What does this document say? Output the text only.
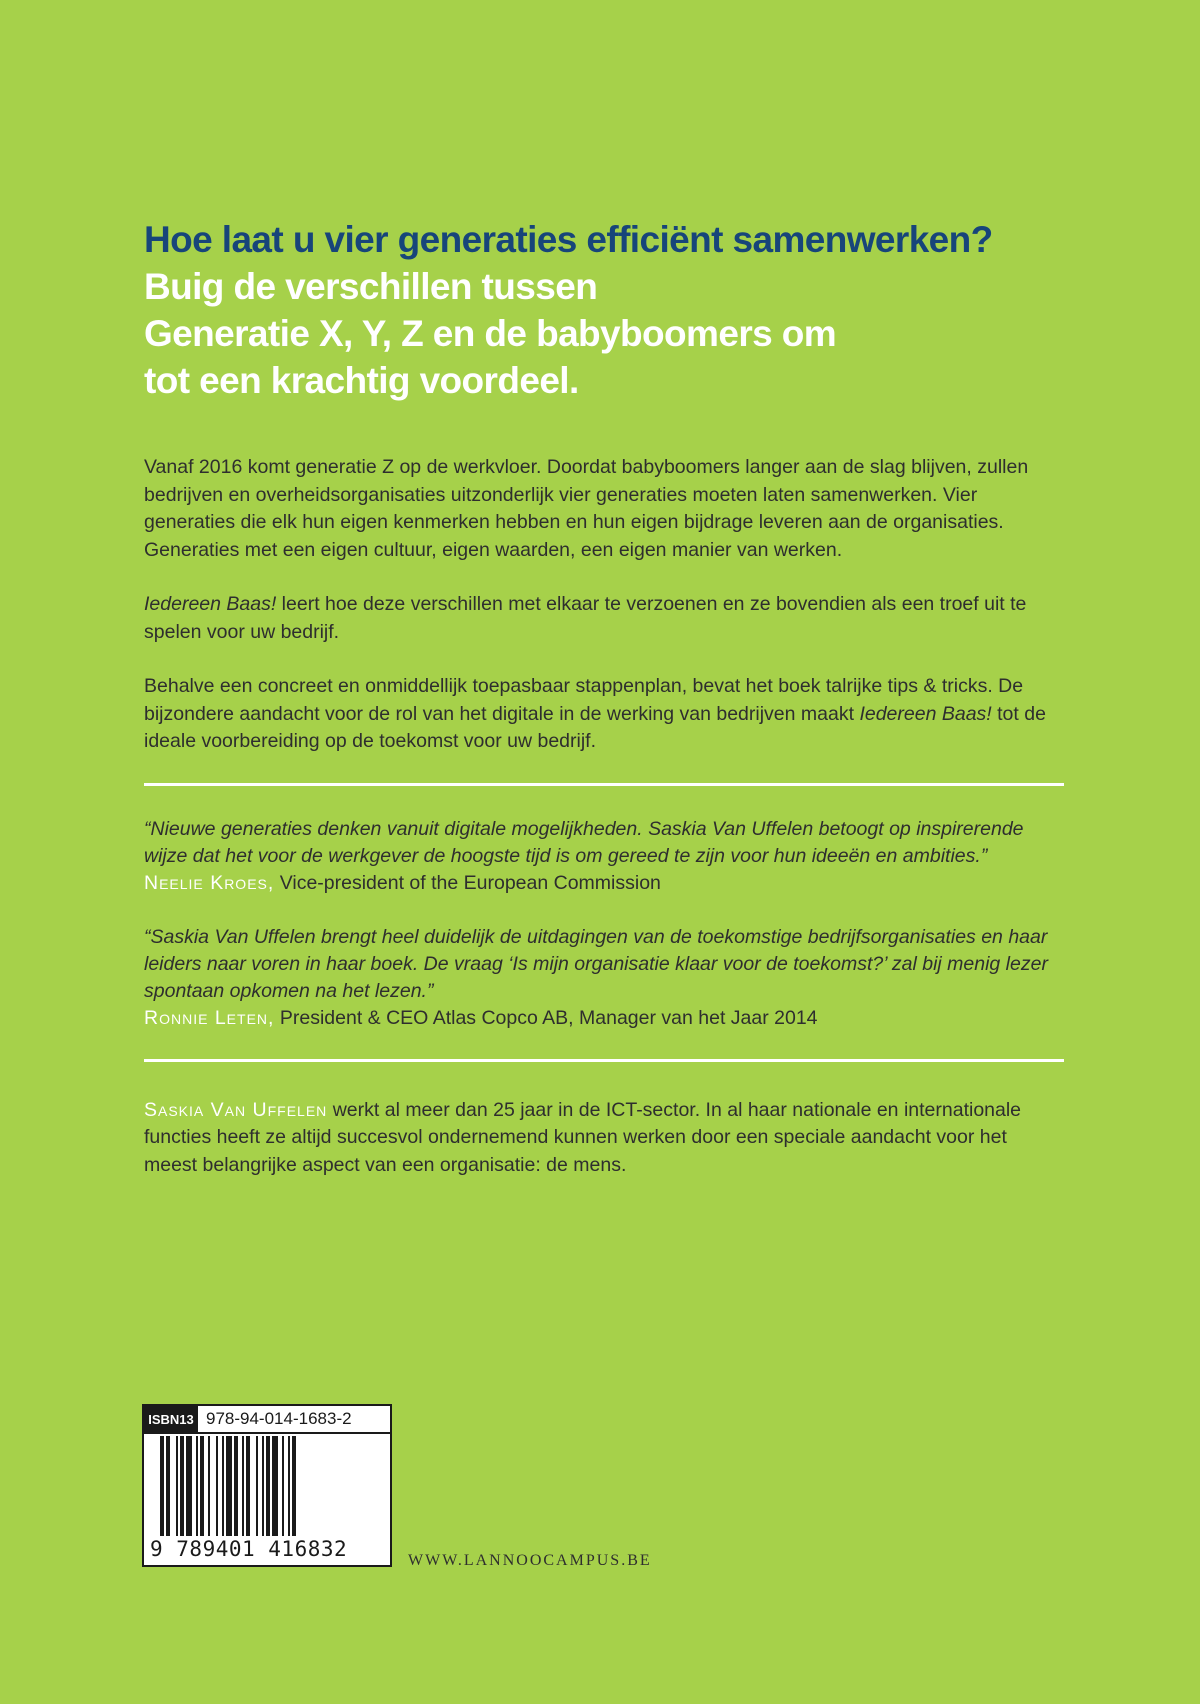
Hoe laat u vier generaties efficiënt samenwerken?
Buig de verschillen tussen
Generatie X, Y, Z en de babyboomers om
tot een krachtig voordeel.

Vanaf 2016 komt generatie Z op de werkvloer. Doordat babyboomers langer aan de slag blijven, zullen bedrijven en overheidsorganisaties uitzonderlijk vier generaties moeten laten samenwerken. Vier generaties die elk hun eigen kenmerken hebben en hun eigen bijdrage leveren aan de organisaties. Generaties met een eigen cultuur, eigen waarden, een eigen manier van werken.

Iedereen Baas! leert hoe deze verschillen met elkaar te verzoenen en ze bovendien als een troef uit te spelen voor uw bedrijf.

Behalve een concreet en onmiddellijk toepasbaar stappenplan, bevat het boek talrijke tips & tricks. De bijzondere aandacht voor de rol van het digitale in de werking van bedrijven maakt Iedereen Baas! tot de ideale voorbereiding op de toekomst voor uw bedrijf.

“Nieuwe generaties denken vanuit digitale mogelijkheden. Saskia Van Uffelen betoogt op inspirerende wijze dat het voor de werkgever de hoogste tijd is om gereed te zijn voor hun ideeën en ambities.”

Neelie Kroes, Vice-president of the European Commission

“Saskia Van Uffelen brengt heel duidelijk de uitdagingen van de toekomstige bedrijfsorganisaties en haar leiders naar voren in haar boek. De vraag ‘Is mijn organisatie klaar voor de toekomst?’ zal bij menig lezer spontaan opkomen na het lezen.”

Ronnie Leten, President & CEO Atlas Copco AB, Manager van het Jaar 2014

Saskia Van Uffelen werkt al meer dan 25 jaar in de ICT-sector. In al haar nationale en internationale functies heeft ze altijd succesvol ondernemend kunnen werken door een speciale aandacht voor het meest belangrijke aspect van een organisatie: de mens.

ISBN13 978-94-014-1683-2
9 789401 416832	WWW.LANNOOCAMPUS.BE
